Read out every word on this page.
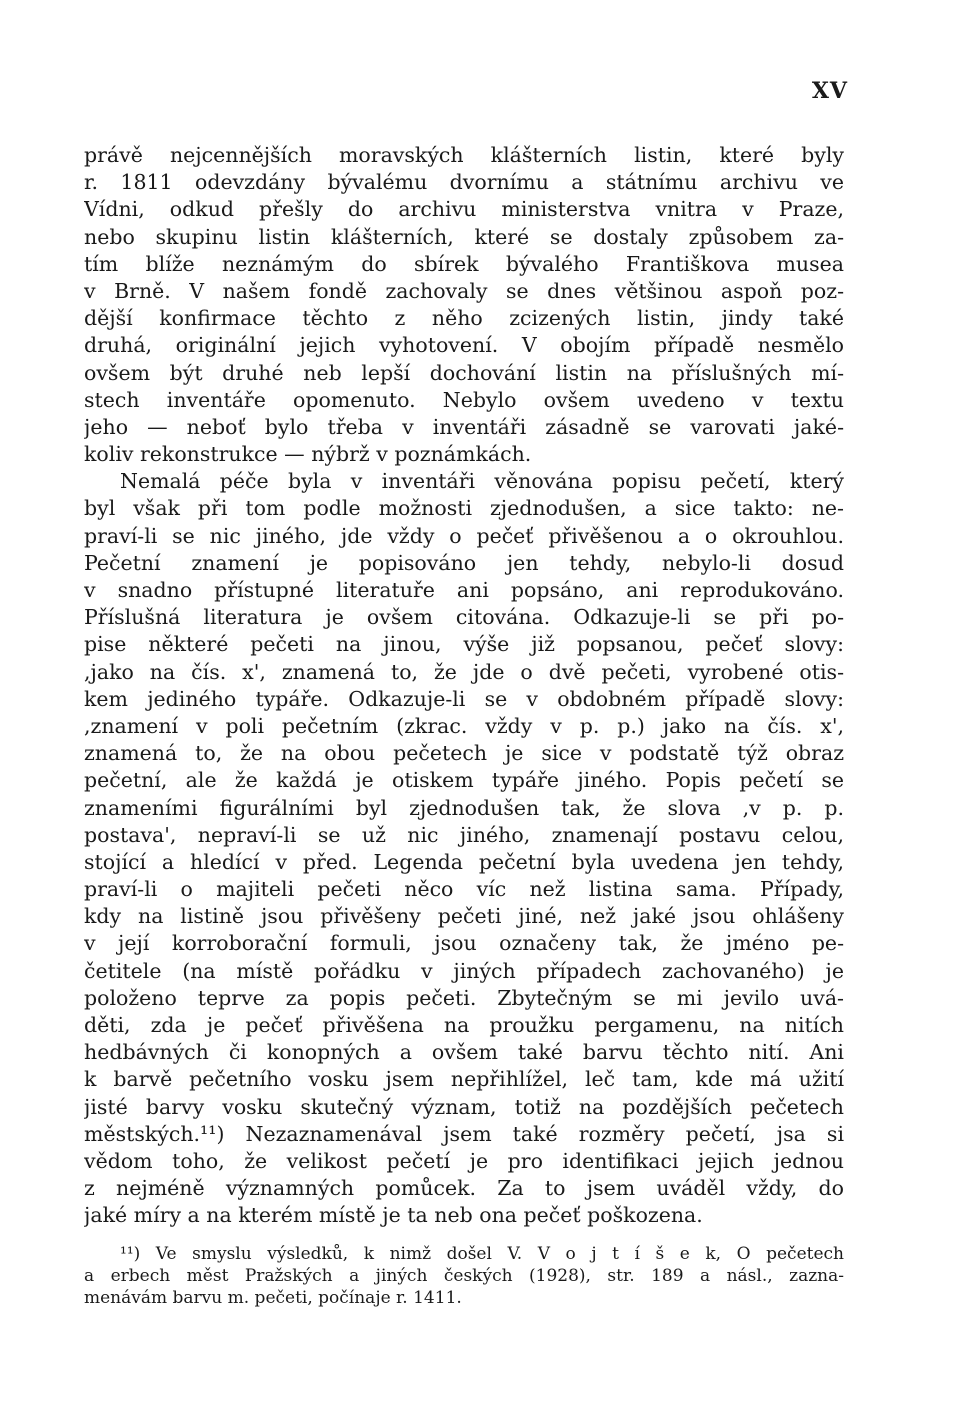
XV
právě nejcennějších moravských klášterních listin, které byly
r. 1811 odevzdány bývalému dvornímu a státnímu archivu ve
Vídni, odkud přešly do archivu ministerstva vnitra v Praze,
nebo skupinu listin klášterních, které se dostaly způsobem za-
tím blíže neznámým do sbírek bývalého Františkova musea
v Brně. V našem fondě zachovaly se dnes většinou aspoň poz-
dější konfirmace těchto z něho zcizených listin, jindy také
druhá, originální jejich vyhotovení. V obojím případě nesmělo
ovšem být druhé neb lepší dochování listin na příslušných mí-
stech inventáře opomenuto. Nebylo ovšem uvedeno v textu
jeho — neboť bylo třeba v inventáři zásadně se varovati jaké-
koliv rekonstrukce — nýbrž v poznámkách.
Nemalá péče byla v inventáři věnována popisu pečetí, který
byl však při tom podle možnosti zjednodušen, a sice takto: ne-
praví-li se nic jiného, jde vždy o pečeť přivěšenou a o okrouhlou.
Pečetní znamení je popisováno jen tehdy, nebylo-li dosud
v snadno přístupné literatuře ani popsáno, ani reprodukováno.
Příslušná literatura je ovšem citována. Odkazuje-li se při po-
pise některé pečeti na jinou, výše již popsanou, pečeť slovy:
,jako na čís. x', znamená to, že jde o dvě pečeti, vyrobené otis-
kem jediného typáře. Odkazuje-li se v obdobném případě slovy:
,znamení v poli pečetním (zkrac. vždy v p. p.) jako na čís. x',
znamená to, že na obou pečetech je sice v podstatě týž obraz
pečetní, ale že každá je otiskem typáře jiného. Popis pečetí se
znameními figurálními byl zjednodušen tak, že slova ,v p. p.
postava', nepraví-li se už nic jiného, znamenají postavu celou,
stojící a hledící v před. Legenda pečetní byla uvedena jen tehdy,
praví-li o majiteli pečeti něco víc než listina sama. Případy,
kdy na listině jsou přivěšeny pečeti jiné, než jaké jsou ohlášeny
v její korroborační formuli, jsou označeny tak, že jméno pe-
četitele (na místě pořádku v jiných případech zachovaného) je
položeno teprve za popis pečeti. Zbytečným se mi jevilo uvá-
děti, zda je pečeť přivěšena na proužku pergamenu, na nitích
hedbávných či konopných a ovšem také barvu těchto nití. Ani
k barvě pečetního vosku jsem nepřihlížel, leč tam, kde má užití
jisté barvy vosku skutečný význam, totiž na pozdějších pečetech
městských.¹¹) Nezaznamenával jsem také rozměry pečetí, jsa si
vědom toho, že velikost pečetí je pro identifikaci jejich jednou
z nejméně významných pomůcek. Za to jsem uváděl vždy, do
jaké míry a na kterém místě je ta neb ona pečeť poškozena.
¹¹) Ve smyslu výsledků, k nimž došel V. V o j t í š e k, O pečetech
a erbech měst Pražských a jiných českých (1928), str. 189 a násl., zazna-
menávám barvu m. pečeti, počínaje r. 1411.
